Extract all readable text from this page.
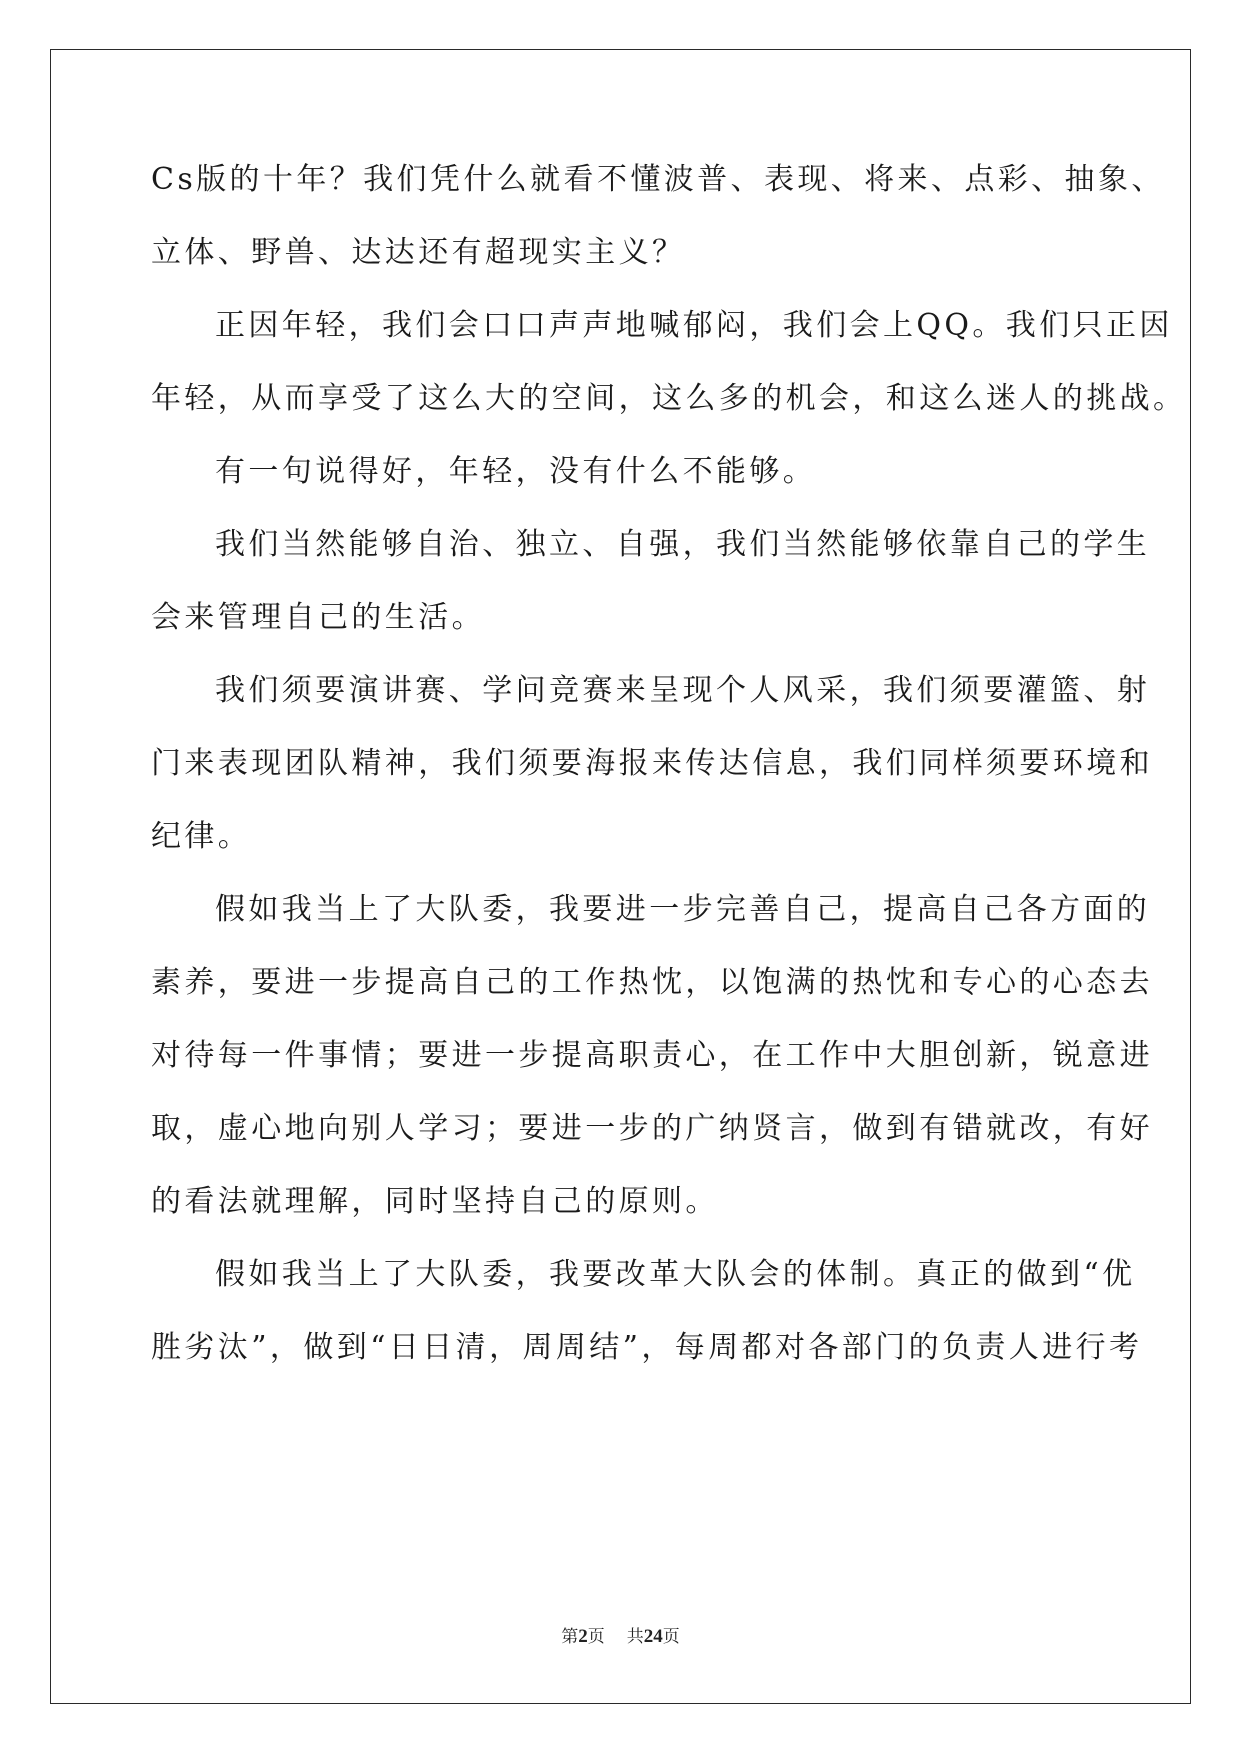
Cs版的十年？我们凭什么就看不懂波普、表现、将来、点彩、抽象、
立体、野兽、达达还有超现实主义？
正因年轻，我们会口口声声地喊郁闷，我们会上QQ。我们只正因
年轻，从而享受了这么大的空间，这么多的机会，和这么迷人的挑战。
有一句说得好，年轻，没有什么不能够。
我们当然能够自治、独立、自强，我们当然能够依靠自己的学生
会来管理自己的生活。
我们须要演讲赛、学问竞赛来呈现个人风采，我们须要灌篮、射
门来表现团队精神，我们须要海报来传达信息，我们同样须要环境和
纪律。
假如我当上了大队委，我要进一步完善自己，提高自己各方面的
素养，要进一步提高自己的工作热忱，以饱满的热忱和专心的心态去
对待每一件事情；要进一步提高职责心，在工作中大胆创新，锐意进
取，虚心地向别人学习；要进一步的广纳贤言，做到有错就改，有好
的看法就理解，同时坚持自己的原则。
假如我当上了大队委，我要改革大队会的体制。真正的做到“优
胜劣汰”，做到“日日清，周周结”，每周都对各部门的负责人进行考
第2页 共24页
